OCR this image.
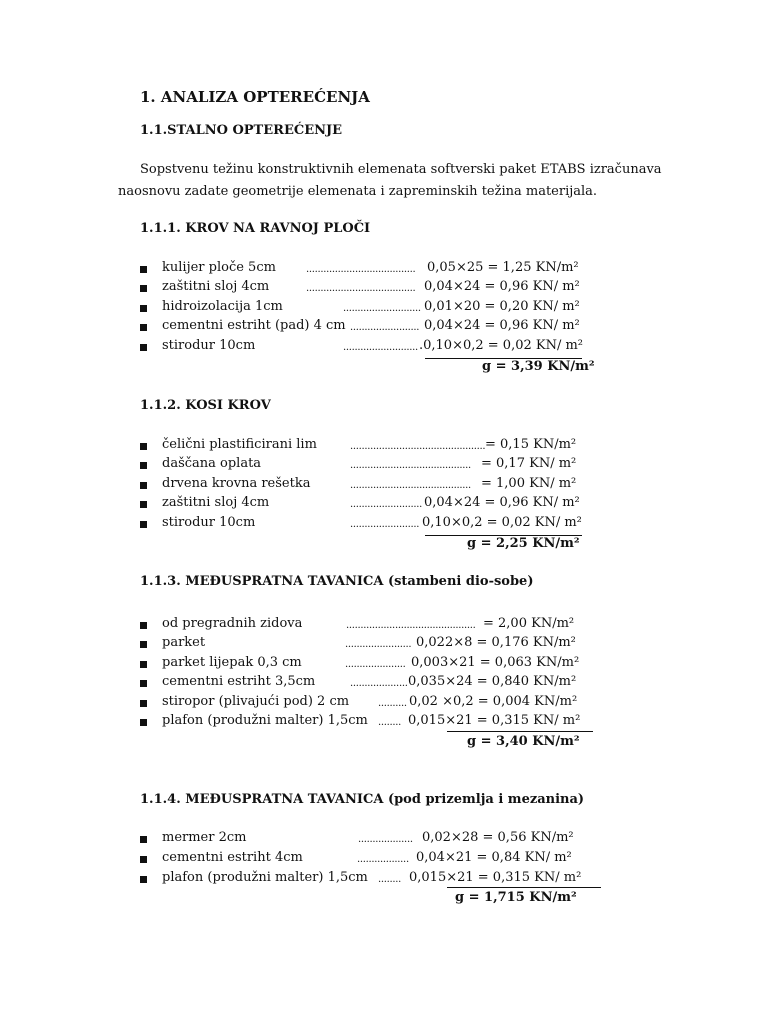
1. ANALIZA OPTEREĆENJA
1.1.STALNO OPTEREĆENJE
Sopstvenu težinu konstruktivnih elemenata softverski paket ETABS izračunava
naosnovu zadate geometrije elemenata i zapreminskih težina materijala.
1.1.1. KROV NA RAVNOJ PLOČI
kulijer ploče 5cm	...................................... 0,05×25 = 1,25 KN/m²
zaštitni sloj 4cm	...................................... 0,04×24 = 0,96 KN/ m²
hidroizolacija 1cm	........................... 0,01×20 = 0,20 KN/ m²
cementni estriht (pad) 4 cm ........................ 0,04×24 = 0,96 KN/ m²
stirodur 10cm	.......................... .0,10×0,2 = 0,02 KN/ m²
g = 3,39 KN/m²
1.1.2. KOSI KROV
čelični plastificirani lim	............................................... = 0,15 KN/m²
daščana oplata	.......................................... = 0,17 KN/ m²
drvena krovna rešetka	.......................................... = 1,00 KN/ m²
zaštitni sloj 4cm	......................... 0,04×24 = 0,96 KN/ m²
stirodur 10cm	........................ 0,10×0,2 = 0,02 KN/ m²
g = 2,25 KN/m²
1.1.3. MEĐUSPRATNA TAVANICA (stambeni dio-sobe)
od pregradnih zidova	............................................. = 2,00 KN/m²
parket	....................... 0,022×8 = 0,176 KN/m²
parket lijepak 0,3 cm	..................... 0,003×21 = 0,063 KN/m²
cementni estriht 3,5cm	.................... 0,035×24 = 0,840 KN/m²
stiropor (plivajući pod) 2 cm	.......... 0,02 ×0,2 = 0,004 KN/m²
plafon (produžni malter) 1,5cm ........ 0,015×21 = 0,315 KN/ m²
g = 3,40 KN/m²
1.1.4. MEĐUSPRATNA TAVANICA (pod prizemlja i mezanina)
mermer 2cm	................... 0,02×28 = 0,56 KN/m²
cementni estriht 4cm	.................. 0,04×21 = 0,84 KN/ m²
plafon (produžni malter) 1,5cm ........ 0,015×21 = 0,315 KN/ m²
g = 1,715 KN/m²
